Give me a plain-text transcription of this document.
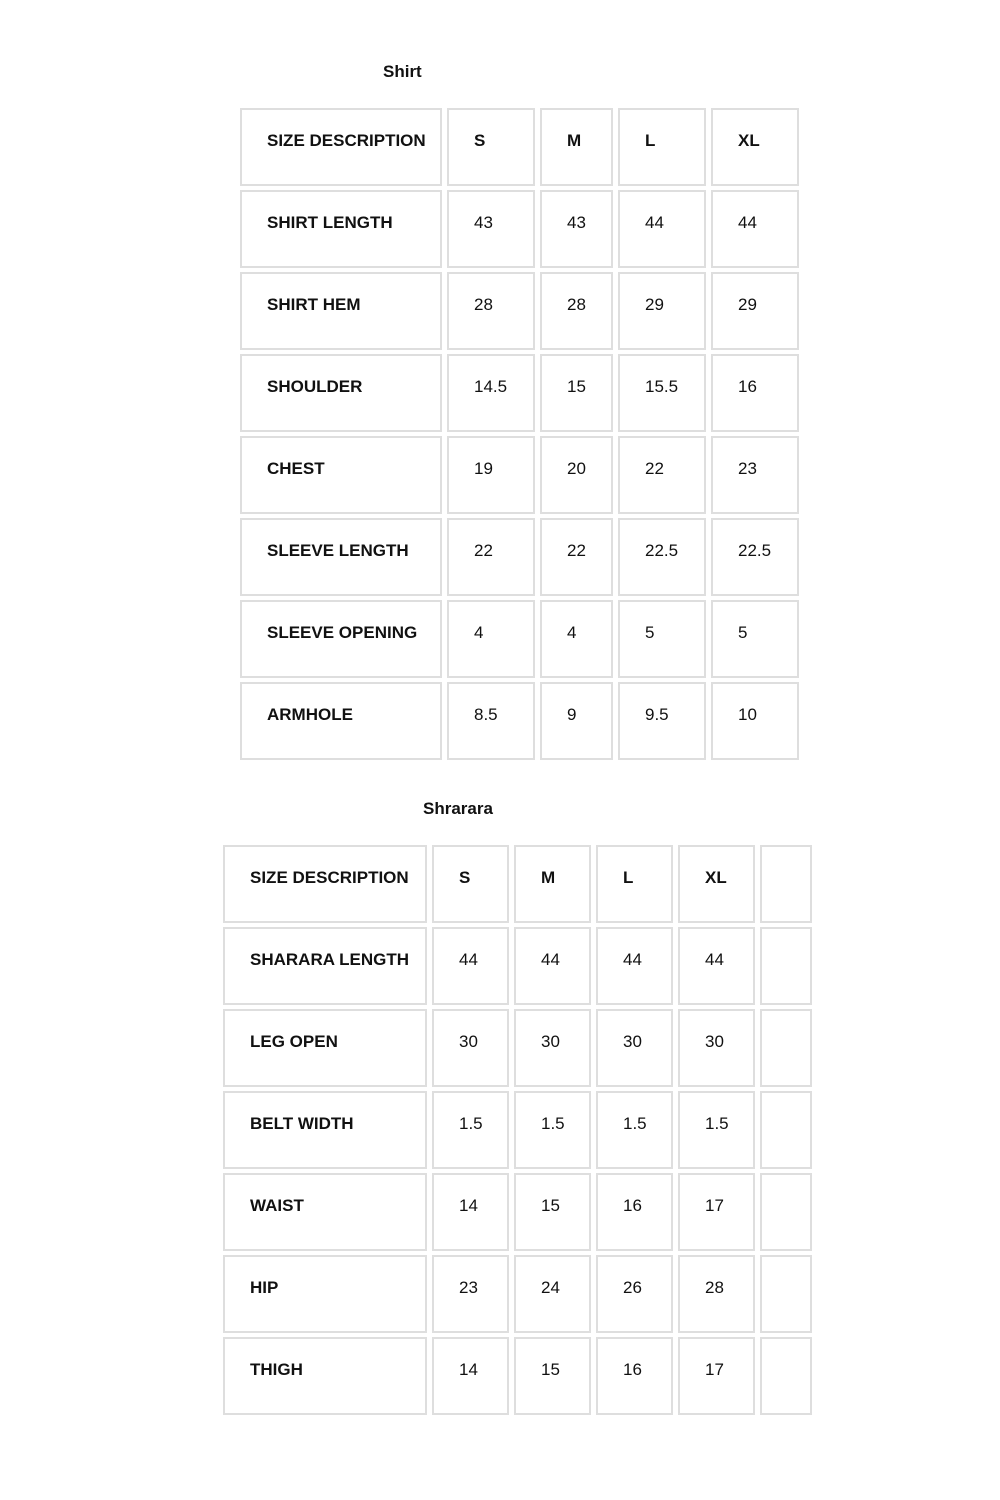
Shirt
SIZE DESCRIPTION	S	M	L	XL

SHIRT LENGTH	43	43	44	44

SHIRT HEM	28	28	29	29

SHOULDER	14.5	15	15.5	16

CHEST	19	20	22	23

SLEEVE LENGTH	22	22	22.5	22.5

SLEEVE OPENING	4	4	5	5

ARMHOLE	8.5	9	9.5	10
Shrarara
SIZE DESCRIPTION	S	M	L	XL	

SHARARA LENGTH	44	44	44	44	

LEG OPEN	30	30	30	30	

BELT WIDTH	1.5	1.5	1.5	1.5	

WAIST	14	15	16	17	

HIP	23	24	26	28	

THIGH	14	15	16	17	
